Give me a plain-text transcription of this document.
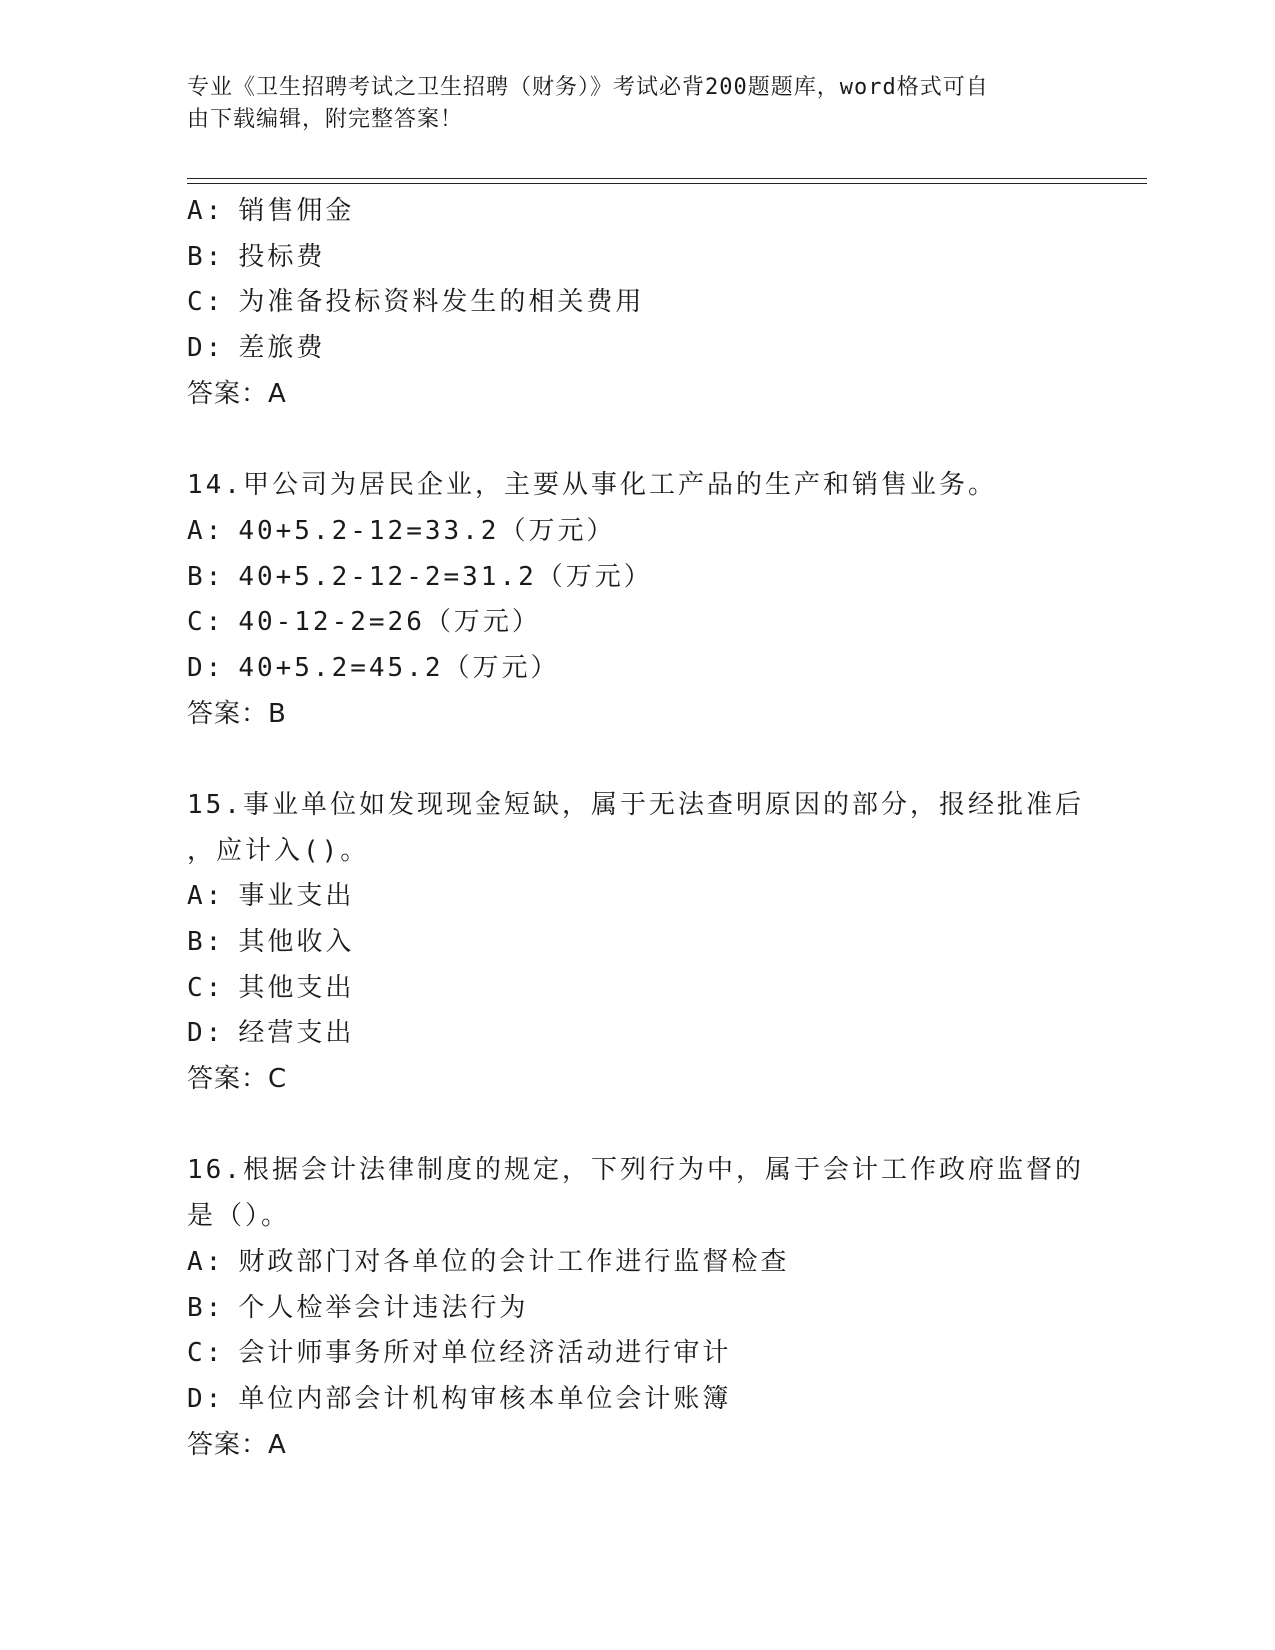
专业《卫生招聘考试之卫生招聘（财务）》考试必背200题题库，word格式可自
由下载编辑，附完整答案！
A: 销售佣金
B: 投标费
C: 为准备投标资料发生的相关费用
D: 差旅费
答案：A
14.甲公司为居民企业，主要从事化工产品的生产和销售业务。
A: 40+5.2-12=33.2（万元）
B: 40+5.2-12-2=31.2（万元）
C: 40-12-2=26（万元）
D: 40+5.2=45.2（万元）
答案：B
15.事业单位如发现现金短缺，属于无法查明原因的部分，报经批准后
，应计入()。
A: 事业支出
B: 其他收入
C: 其他支出
D: 经营支出
答案：C
16.根据会计法律制度的规定，下列行为中，属于会计工作政府监督的
是（）。
A: 财政部门对各单位的会计工作进行监督检查
B: 个人检举会计违法行为
C: 会计师事务所对单位经济活动进行审计
D: 单位内部会计机构审核本单位会计账簿
答案：A
